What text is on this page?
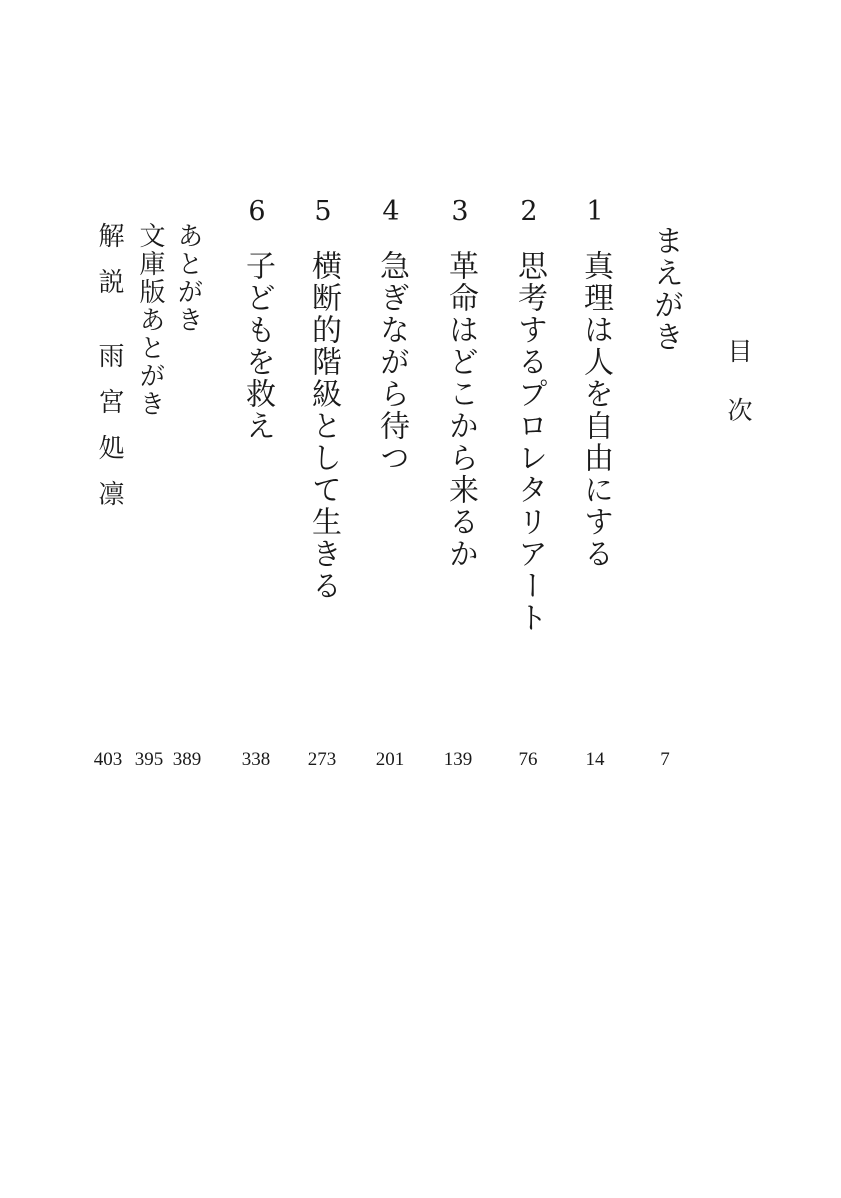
目次
まえがき
7
1
真理は人を自由にする
14
2
思考するプロレタリアート
76
3
革命はどこから来るか
139
4
急ぎながら待つ
201
5
横断的階級として生きる
273
6
子どもを救え
338
あとがき
389
文庫版あとがき
395
解説
雨宮処凛
403
